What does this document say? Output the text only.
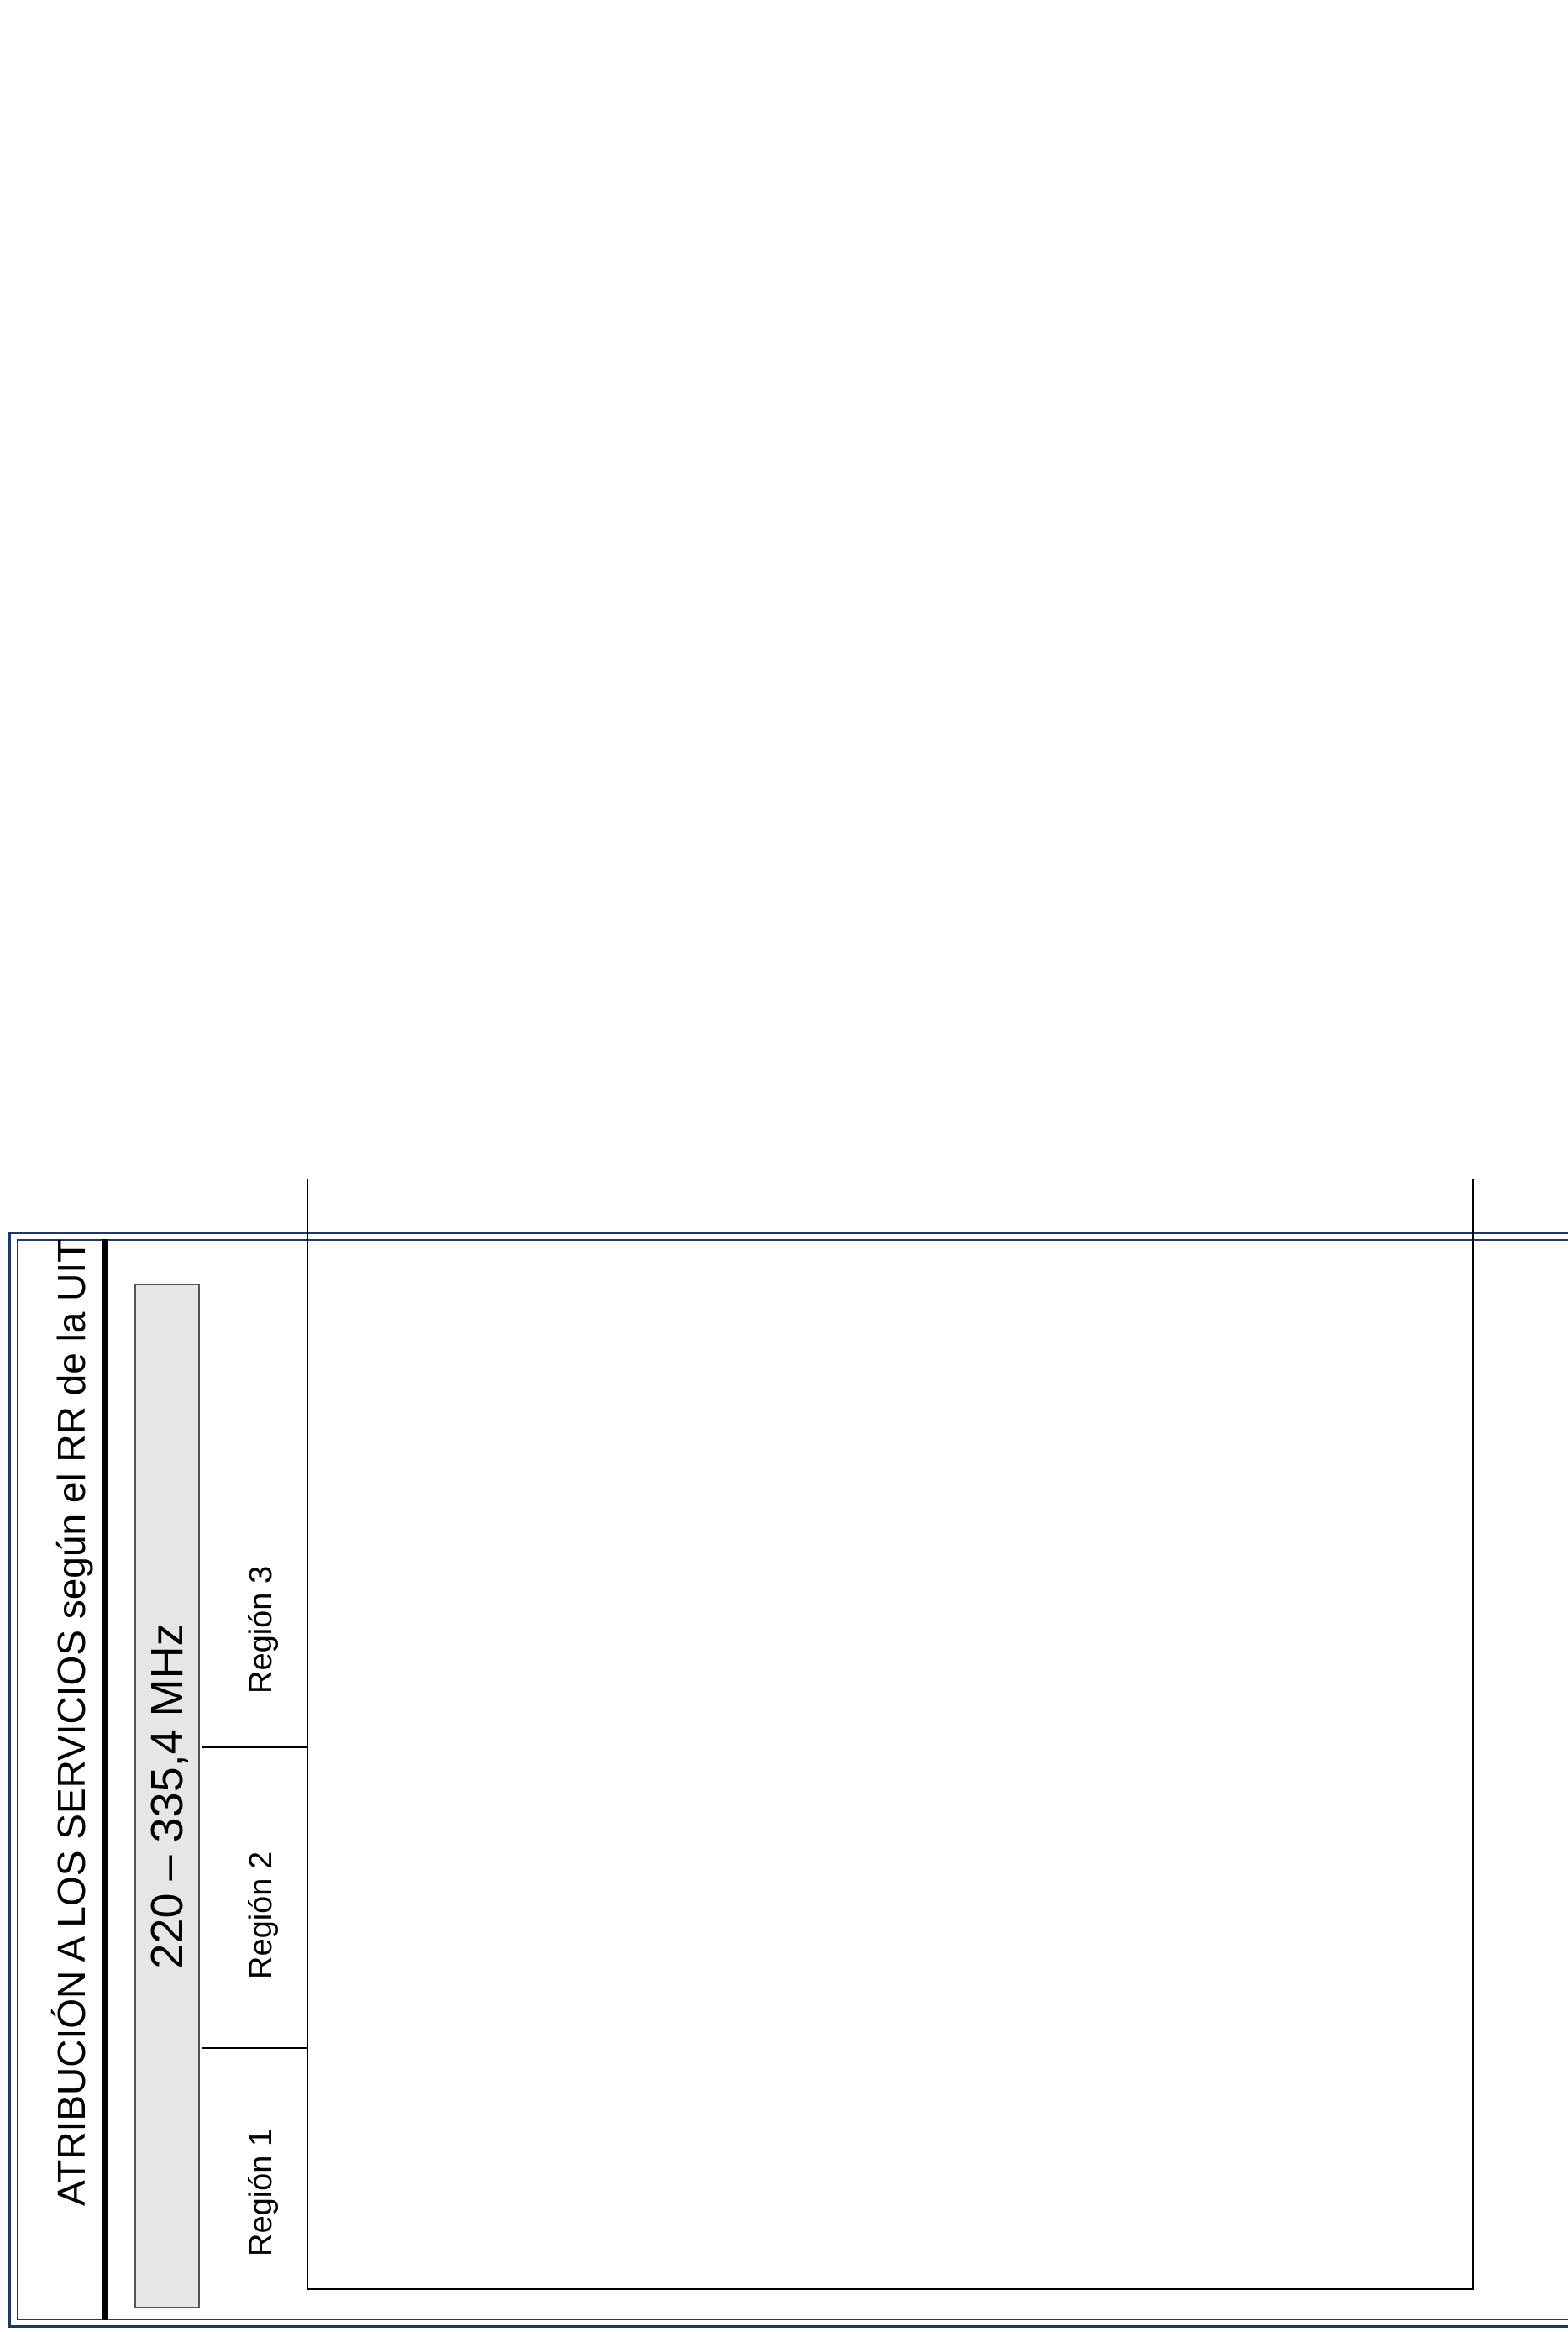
ATRIBUCIÓN A LOS SERVICIOS según el RR de la UIT 220 – 335,4 MHz
Región 1
Región 2
Región 3
